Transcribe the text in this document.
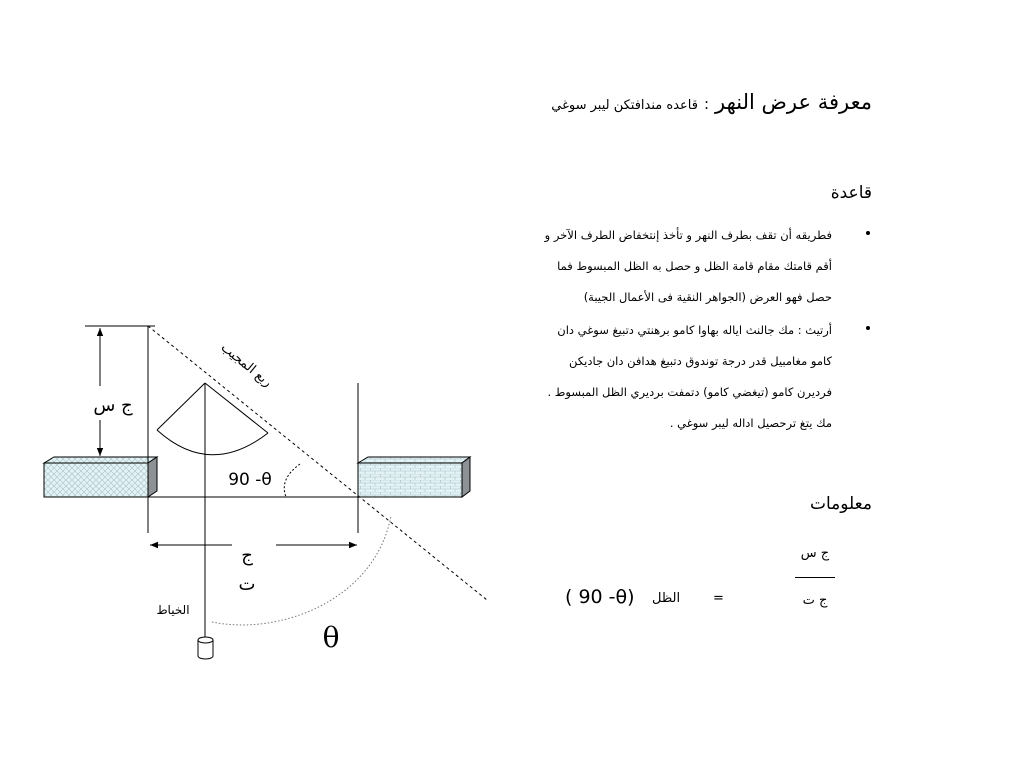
معرفة عرض النهر:قاعده مندافتكن ليبر سوغي
قاعدة
فطريقه أن تقف بطرف النهر و تأخذ إنتخفاض الطرف الآخر و
أقم قامتك مقام قامة الظل و حصل به الظل المبسوط فما
حصل فهو العرض (الجواهر النقية فى الأعمال الجيبة)
أرتيث : مك جالنث اياله بهاوا كامو برهنتي دتبيغ سوغي دان
كامو مغامبيل قدر درجة توندوق دتبيغ هدافن دان جاديكن
فرديرن كامو (تيغضي كامو) دتمفت برديري الظل المبسوط .
مك يتغ ترحصيل اداله ليبر سوغي .
معلومات
ج س
ج ت
=
الظل
( 90 -θ)
ج س
ربع المجيب
90 -θ
ج
ت
الخياط
θ
